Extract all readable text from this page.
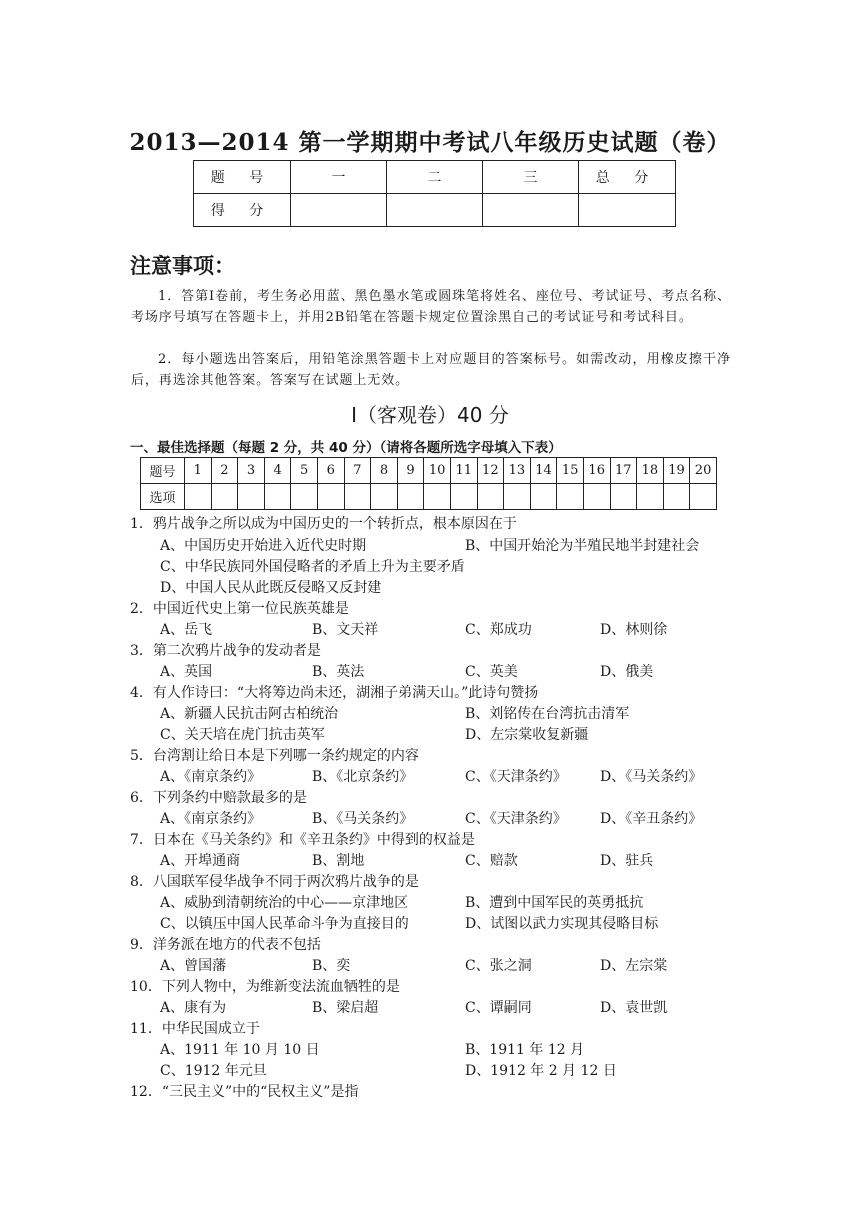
2013—2014 第一学期期中考试八年级历史试题（卷）
题 号	一	二	三	总 分
得 分				
注意事项：
1．答第Ⅰ卷前，考生务必用蓝、黑色墨水笔或圆珠笔将姓名、座位号、考试证号、考点名称、考场序号填写在答题卡上，并用2B铅笔在答题卡规定位置涂黑自己的考试证号和考试科目。
2．每小题选出答案后，用铅笔涂黑答题卡上对应题目的答案标号。如需改动，用橡皮擦干净后，再选涂其他答案。答案写在试题上无效。
Ⅰ（客观卷）40 分
一、最佳选择题（每题 2 分，共 40 分）（请将各题所选字母填入下表）
题号	1	2	3	4	5	6	7	8	9	10	11	12	13	14	15	16	17	18	19	20
选项																				
1．鸦片战争之所以成为中国历史的一个转折点，根本原因在于
A、中国历史开始进入近代史时期	B、中国开始沦为半殖民地半封建社会
C、中华民族同外国侵略者的矛盾上升为主要矛盾
D、中国人民从此既反侵略又反封建
2．中国近代史上第一位民族英雄是
A、岳飞	B、文天祥	C、郑成功	D、林则徐
3．第二次鸦片战争的发动者是
A、英国	B、英法	C、英美	D、俄美
4．有人作诗曰：“大将筹边尚未还，湖湘子弟满天山。”此诗句赞扬
A、新疆人民抗击阿古柏统治	B、刘铭传在台湾抗击清军
C、关天培在虎门抗击英军	D、左宗棠收复新疆
5．台湾割让给日本是下列哪一条约规定的内容
A、《南京条约》	B、《北京条约》	C、《天津条约》 D、《马关条约》
6．下列条约中赔款最多的是
A、《南京条约》	B、《马关条约》	C、《天津条约》 D、《辛丑条约》
7．日本在《马关条约》和《辛丑条约》中得到的权益是
A、开埠通商	B、割地	C、赔款	D、驻兵
8．八国联军侵华战争不同于两次鸦片战争的是
A、威胁到清朝统治的中心——京津地区	B、遭到中国军民的英勇抵抗
C、以镇压中国人民革命斗争为直接目的	D、试图以武力实现其侵略目标
9．洋务派在地方的代表不包括
A、曾国藩	B、奕	C、张之洞	D、左宗棠
10．下列人物中，为维新变法流血牺牲的是
A、康有为	B、梁启超	C、谭嗣同	D、袁世凯
11．中华民国成立于
A、1911 年 10 月 10 日	B、1911 年 12 月
C、1912 年元旦	D、1912 年 2 月 12 日
12．“三民主义”中的“民权主义”是指
